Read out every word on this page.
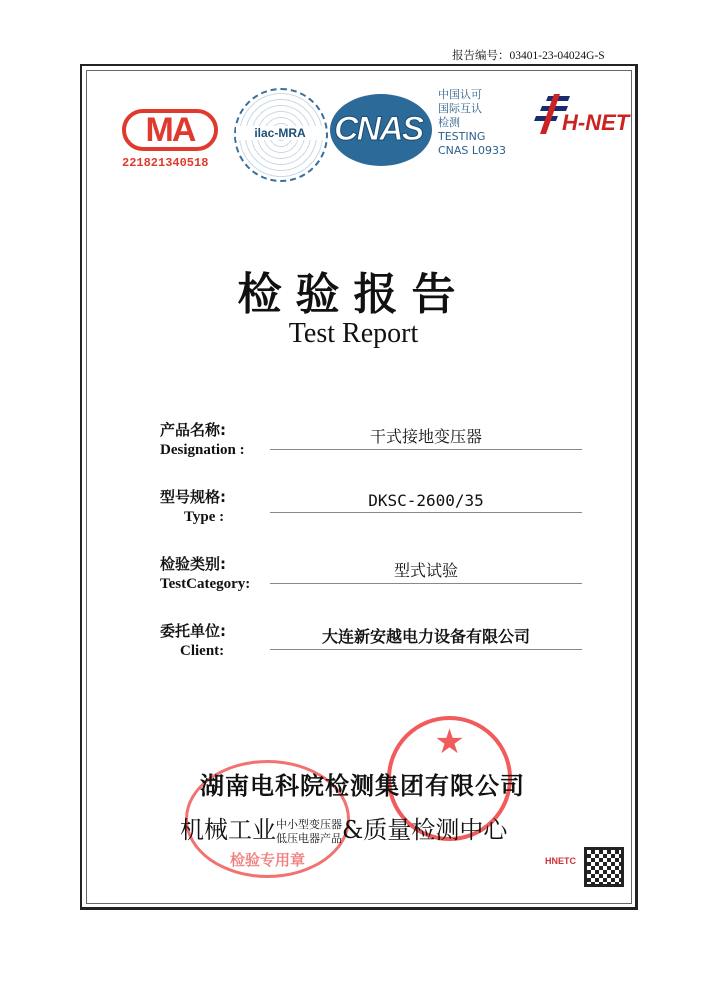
报告编号：03401-23-04024G-S
MA
221821340518
ilac-MRA CNAS
中国认可
国际互认
检测
TESTING
CNAS L0933
H-NET
检验报告
Test Report
产品名称:
Designation :
干式接地变压器
型号规格:
Type :
DKSC-2600/35
检验类别:
TestCategory:
型式试验
委托单位:
Client:
大连新安越电力设备有限公司
检验专用章
★
湖南电科院检测集团有限公司
机械工业中小型变压器
低压电器产品&质量检测中心
HNETC
